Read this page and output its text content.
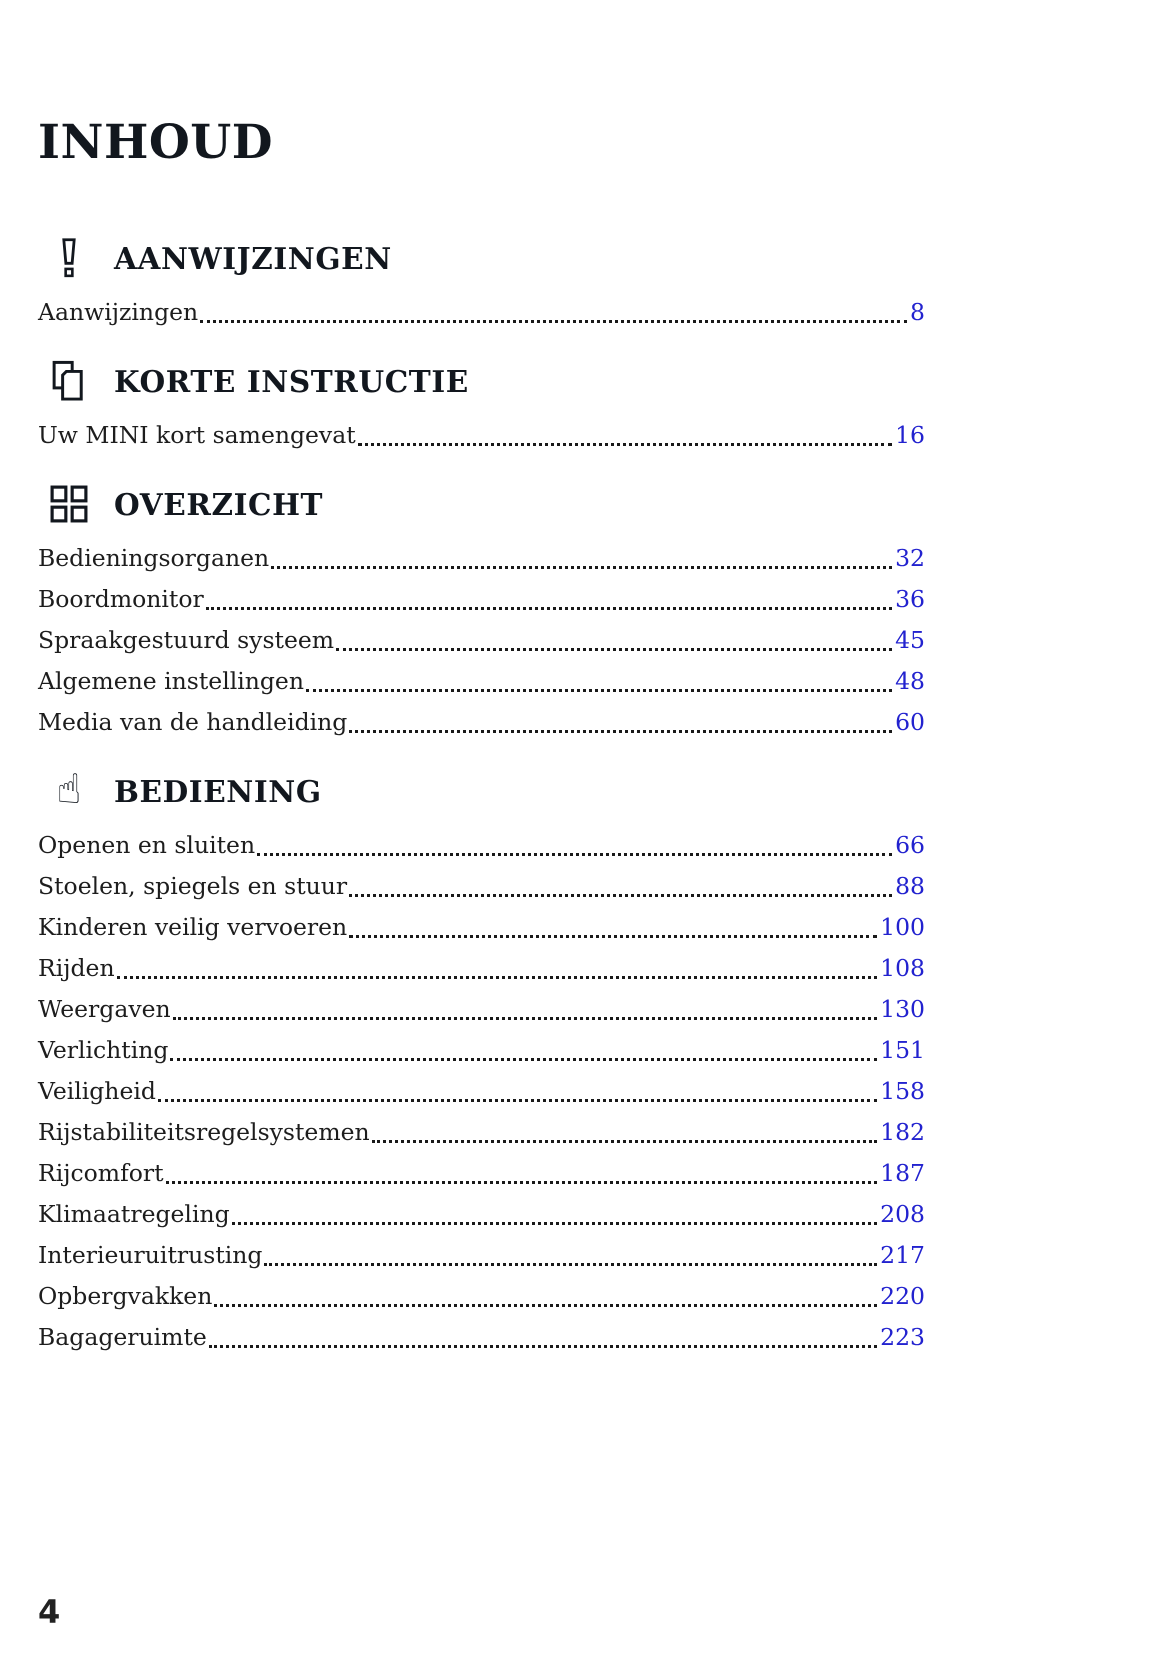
INHOUD
AANWIJZINGEN
Aanwijzingen	8
KORTE INSTRUCTIE
Uw MINI kort samengevat	16
OVERZICHT
Bedieningsorganen	32
Boordmonitor	36
Spraakgestuurd systeem	45
Algemene instellingen	48
Media van de handleiding	60
☝ BEDIENING
Openen en sluiten	66
Stoelen, spiegels en stuur	88
Kinderen veilig vervoeren	100
Rijden	108
Weergaven	130
Verlichting	151
Veiligheid	158
Rijstabiliteitsregelsystemen	182
Rijcomfort	187
Klimaatregeling	208
Interieuruitrusting	217
Opbergvakken	220
Bagageruimte	223
4
